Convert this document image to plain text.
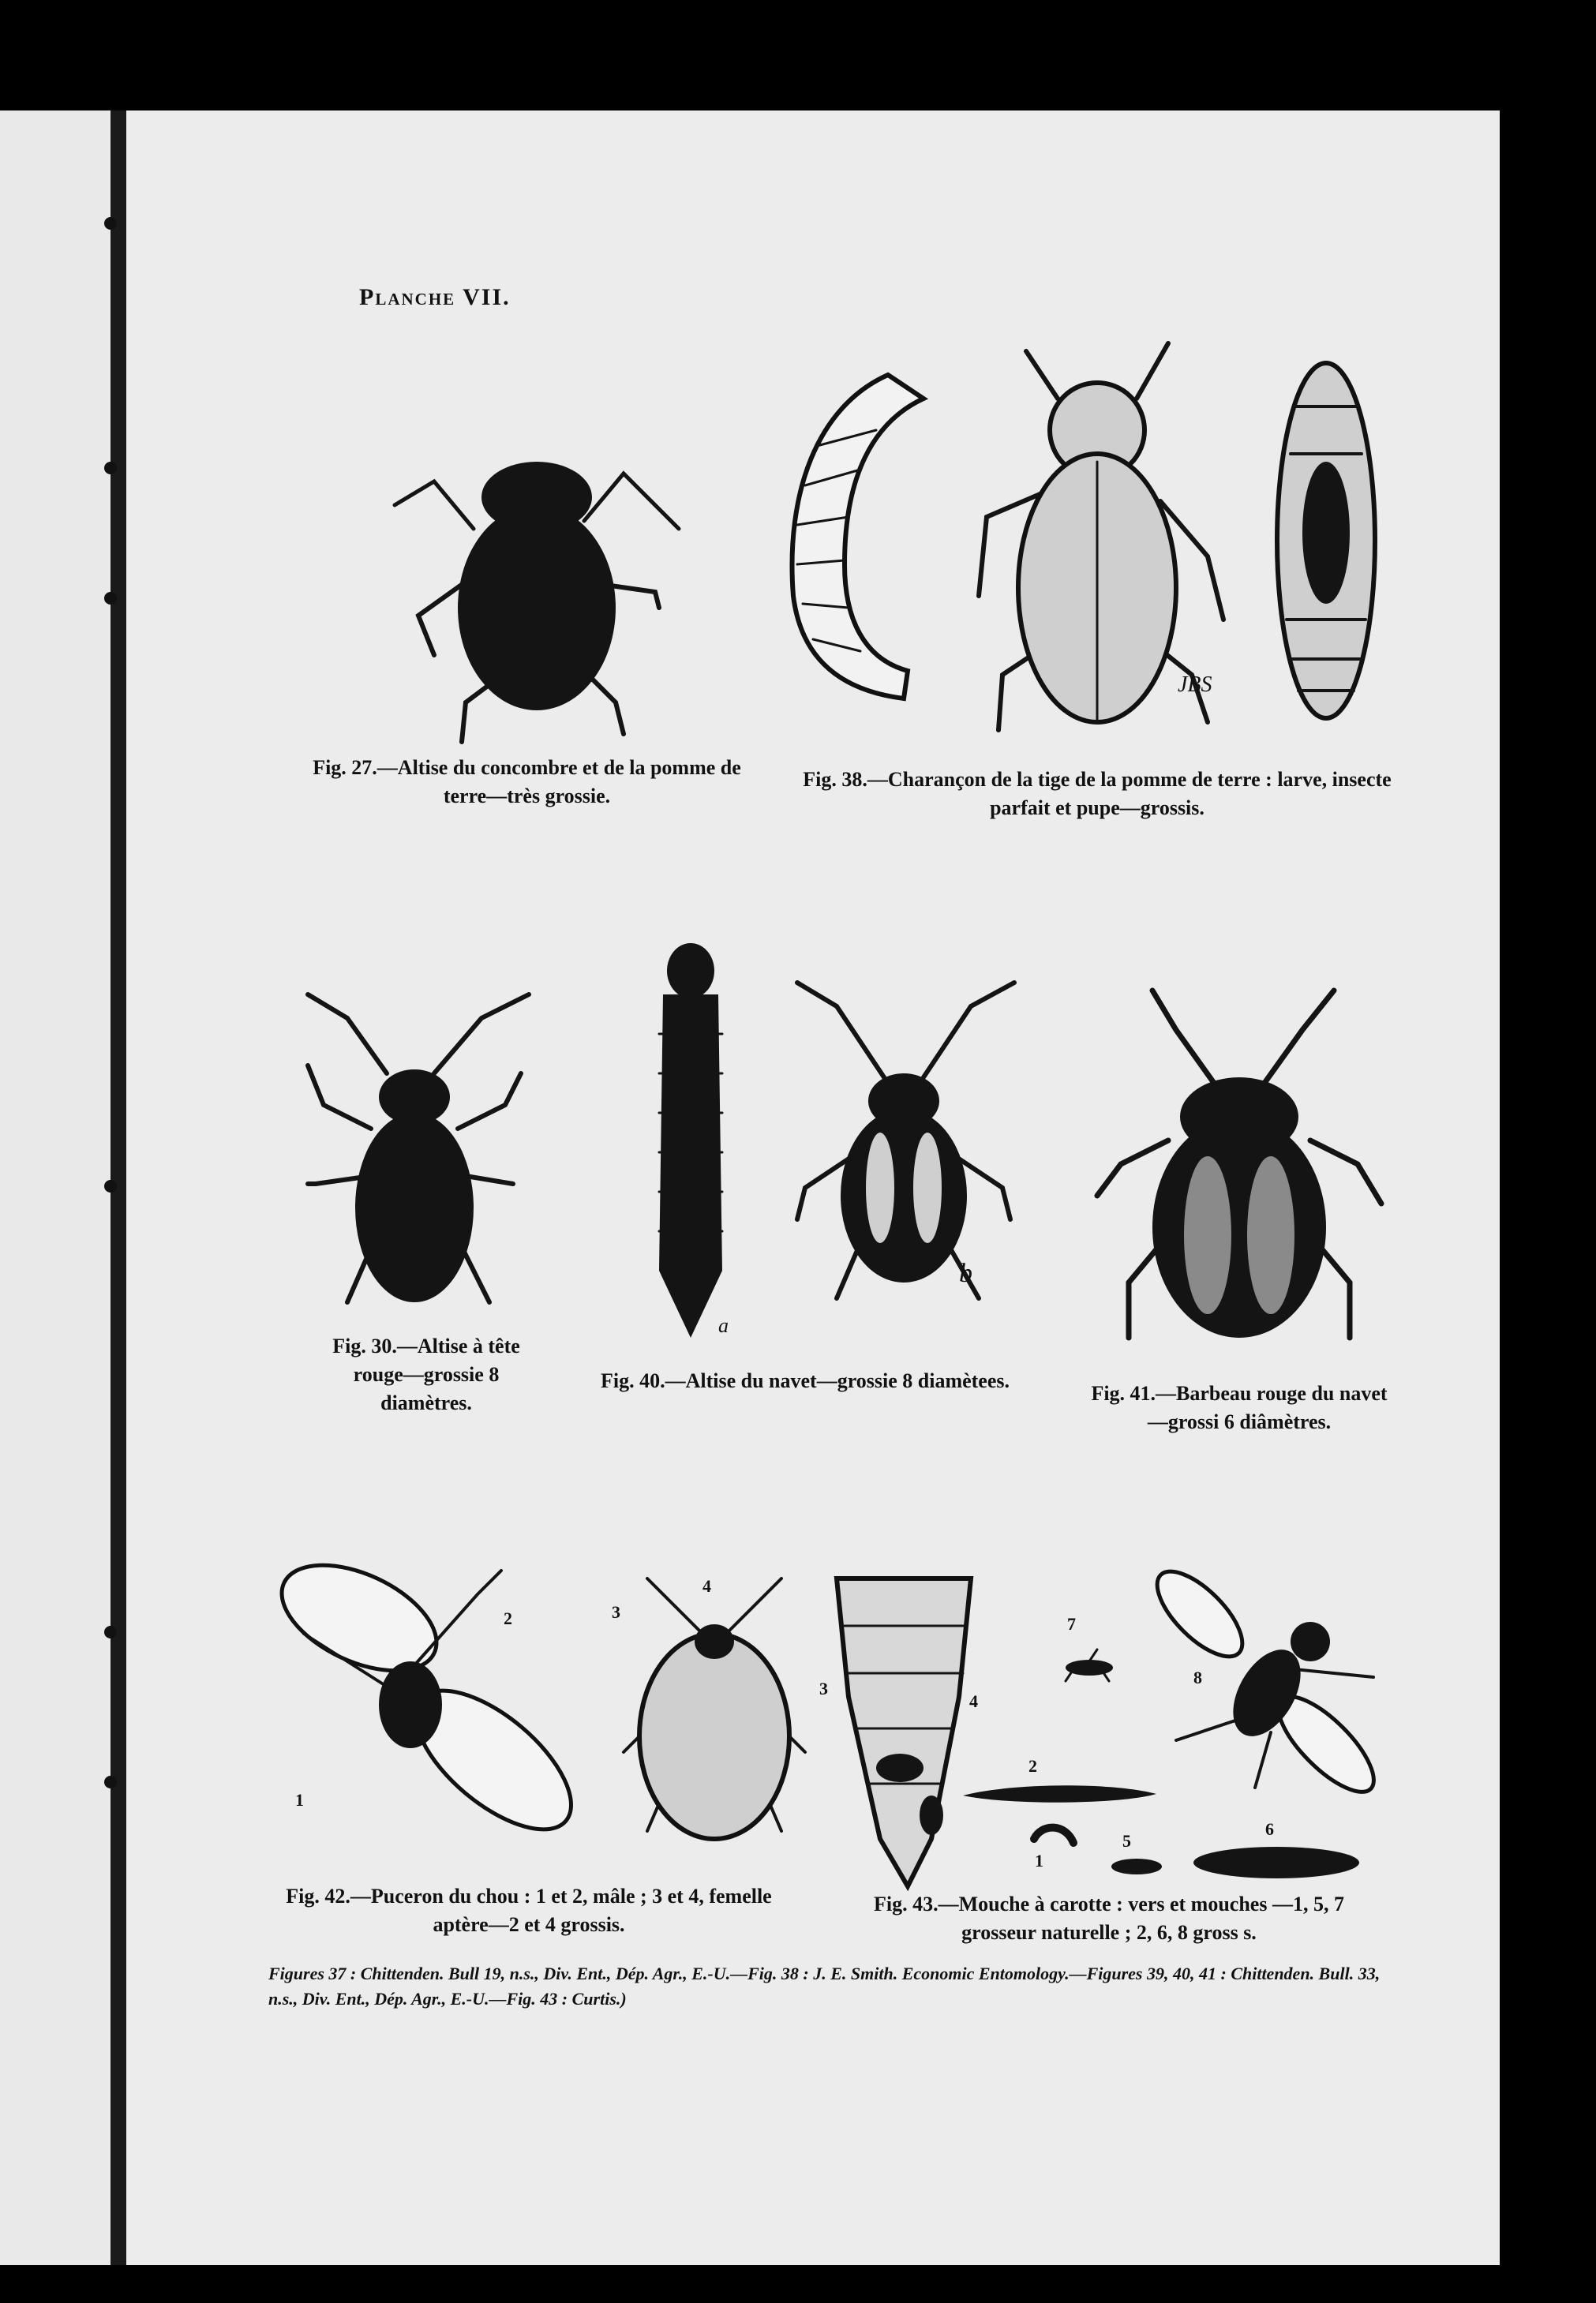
Planche VII.
Fig. 27.—Altise du concombre et de la pomme de terre—très grossie.
JBS
Fig. 38.—Charançon de la tige de la pomme de terre : larve, insecte parfait et pupe—grossis.
Fig. 30.—Altise à tête rouge—grossie 8 diamètres.
b
a
Fig. 40.—Altise du navet—grossie 8 diamètees.
Fig. 41.—Barbeau rouge du navet —grossi 6 diâmètres.
2	3
4
1
Fig. 42.—Puceron du chou : 1 et 2, mâle ; 3 et 4, femelle aptère—2 et 4 grossis.
3
4
7
8
2
1
5
6
Fig. 43.—Mouche à carotte : vers et mouches —1, 5, 7 grosseur naturelle ; 2, 6, 8 gross s.
Figures 37 : Chittenden. Bull 19, n.s., Div. Ent., Dép. Agr., E.-U.—Fig. 38 : J. E. Smith. Economic Entomology.—Figures 39, 40, 41 : Chittenden. Bull. 33, n.s., Div. Ent., Dép. Agr., E.-U.—Fig. 43 : Curtis.)
